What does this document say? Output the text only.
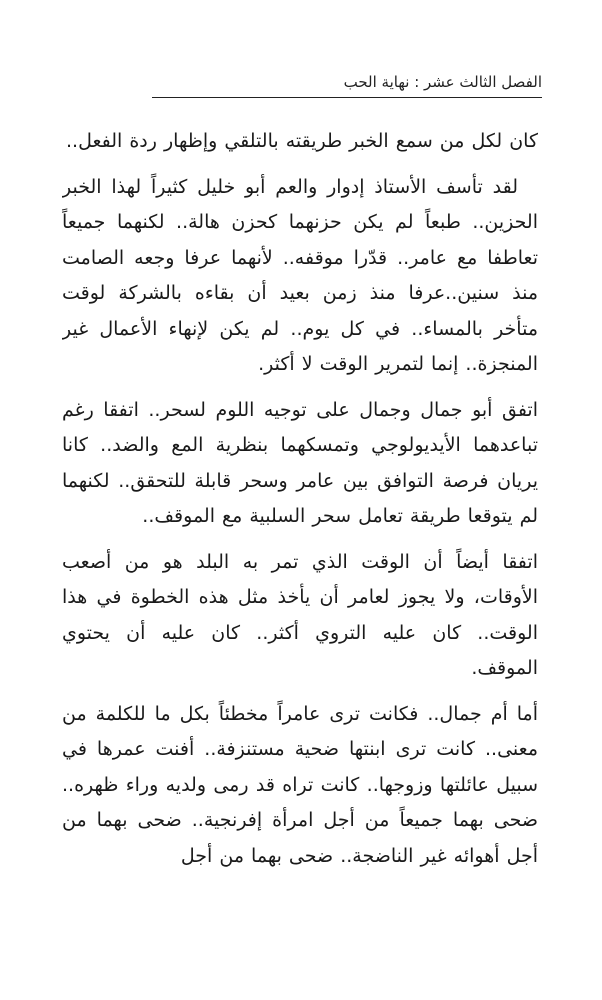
الفصل الثالث عشر : نهاية الحب

كان لكل من سمع الخبر طريقته بالتلقي وإظهار ردة الفعل..

لقد تأسف الأستاذ إدوار والعم أبو خليل كثيراً لهذا الخبر الحزين.. طبعاً لم يكن حزنهما كحزن هالة.. لكنهما جميعاً تعاطفا مع عامر.. قدّرا موقفه.. لأنهما عرفا وجعه الصامت منذ سنين..عرفا منذ زمن بعيد أن بقاءه بالشركة لوقت متأخر بالمساء.. في كل يوم.. لم يكن لإنهاء الأعمال غير المنجزة.. إنما لتمرير الوقت لا أكثر.

اتفق أبو جمال وجمال على توجيه اللوم لسحر.. اتفقا رغم تباعدهما الأيديولوجي وتمسكهما بنظرية المع والضد.. كانا يريان فرصة التوافق بين عامر وسحر قابلة للتحقق.. لكنهما لم يتوقعا طريقة تعامل سحر السلبية مع الموقف..

اتفقا أيضاً أن الوقت الذي تمر به البلد هو من أصعب الأوقات، ولا يجوز لعامر أن يأخذ مثل هذه الخطوة في هذا الوقت.. كان عليه التروي أكثر.. كان عليه أن يحتوي الموقف.

أما أم جمال.. فكانت ترى عامراً مخطئاً بكل ما للكلمة من معنى.. كانت ترى ابنتها ضحية مستنزفة.. أفنت عمرها في سبيل عائلتها وزوجها.. كانت تراه قد رمى ولديه وراء ظهره.. ضحى بهما جميعاً من أجل امرأة إفرنجية.. ضحى بهما من أجل أهوائه غير الناضجة.. ضحى بهما من أجل
